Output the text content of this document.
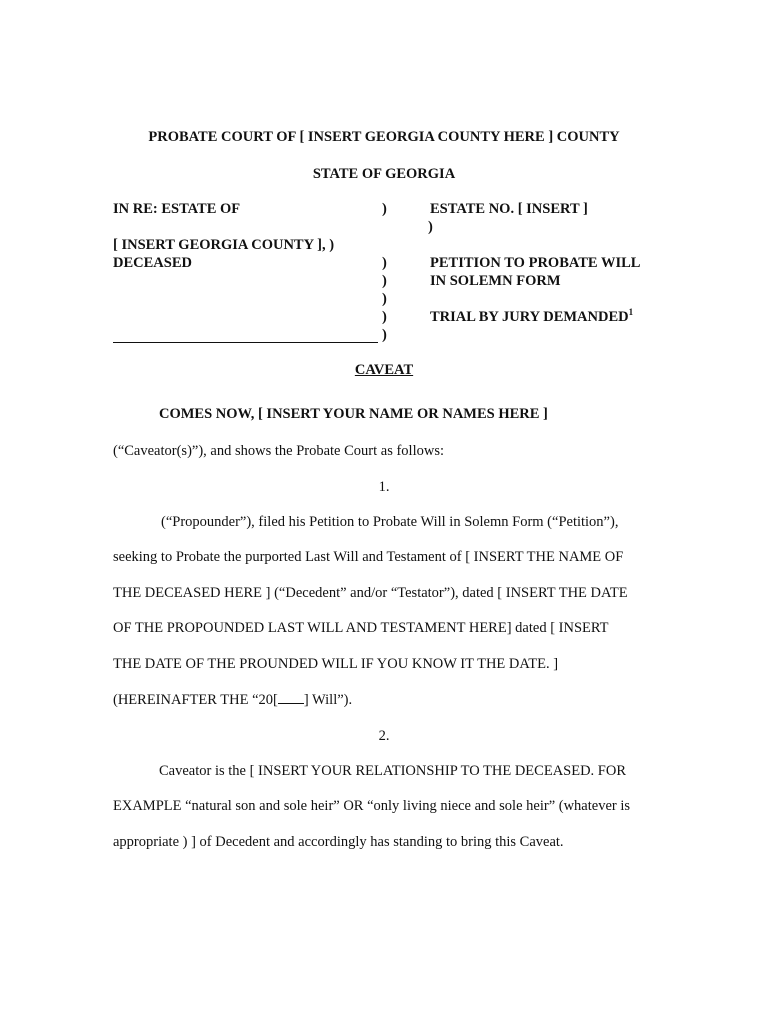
PROBATE COURT OF [ INSERT GEORGIA COUNTY HERE ] COUNTY
STATE OF GEORGIA
IN RE: ESTATE OF
[ INSERT GEORGIA COUNTY ], )
DECEASED
)
)
)
)
)
)
ESTATE NO. [ INSERT ]
)
PETITION TO PROBATE WILL
IN SOLEMN FORM
TRIAL BY JURY DEMANDED$^1$
CAVEAT
COMES NOW, [ INSERT YOUR NAME OR NAMES HERE ]
(“Caveator(s)”), and shows the Probate Court as follows:
1.
(“Propounder”), filed his Petition to Probate Will in Solemn Form (“Petition”),
seeking to Probate the purported Last Will and Testament of [ INSERT THE NAME OF
THE DECEASED HERE ] (“Decedent” and/or “Testator”), dated [ INSERT THE DATE
OF THE PROPOUNDED LAST WILL AND TESTAMENT HERE] dated [ INSERT
THE DATE OF THE PROUNDED WILL IF YOU KNOW IT THE DATE. ]
(HEREINAFTER THE “20[ ] Will”).
2.
Caveator is the [ INSERT YOUR RELATIONSHIP TO THE DECEASED. FOR
EXAMPLE “natural son and sole heir” OR “only living niece and sole heir” (whatever is
appropriate ) ] of Decedent and accordingly has standing to bring this Caveat.
